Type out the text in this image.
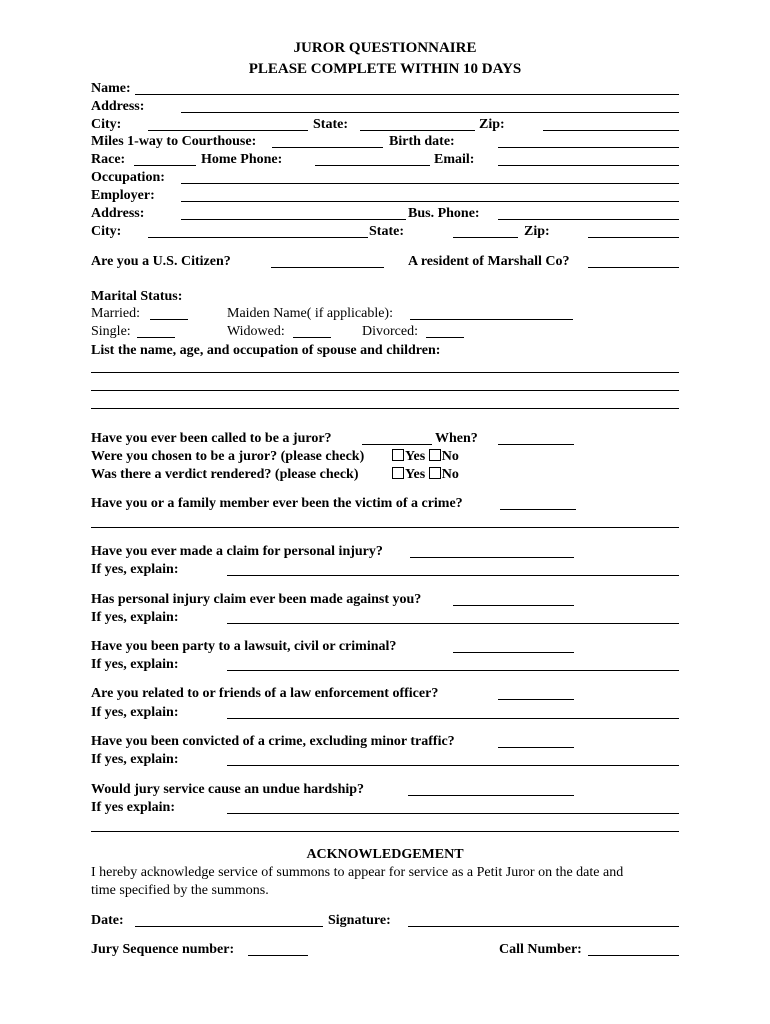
JUROR QUESTIONNAIRE
PLEASE COMPLETE WITHIN 10 DAYS
Name:
Address:
City:	State:	Zip:
Miles 1-way to Courthouse:	Birth date:
Race:	Home Phone:	Email:
Occupation:
Employer:
Address:	Bus. Phone:
City:	State:	Zip:
Are you a U.S. Citizen?	A resident of Marshall Co?
Marital Status:
Married:	Maiden Name( if applicable):
Single:	Widowed:	Divorced:
List the name, age, and occupation of spouse and children:
Have you ever been called to be a juror?	When?
Were you chosen to be a juror? (please check)	Yes No
Was there a verdict rendered? (please check)	Yes No
Have you or a family member ever been the victim of a crime?
Have you ever made a claim for personal injury?
If yes, explain:
Has personal injury claim ever been made against you?
If yes, explain:
Have you been party to a lawsuit, civil or criminal?
If yes, explain:
Are you related to or friends of a law enforcement officer?
If yes, explain:
Have you been convicted of a crime, excluding minor traffic?
If yes, explain:
Would jury service cause an undue hardship?
If yes explain:
ACKNOWLEDGEMENT
I hereby acknowledge service of summons to appear for service as a Petit Juror on the date and
time specified by the summons.
Date:	Signature:
Jury Sequence number:	Call Number:
